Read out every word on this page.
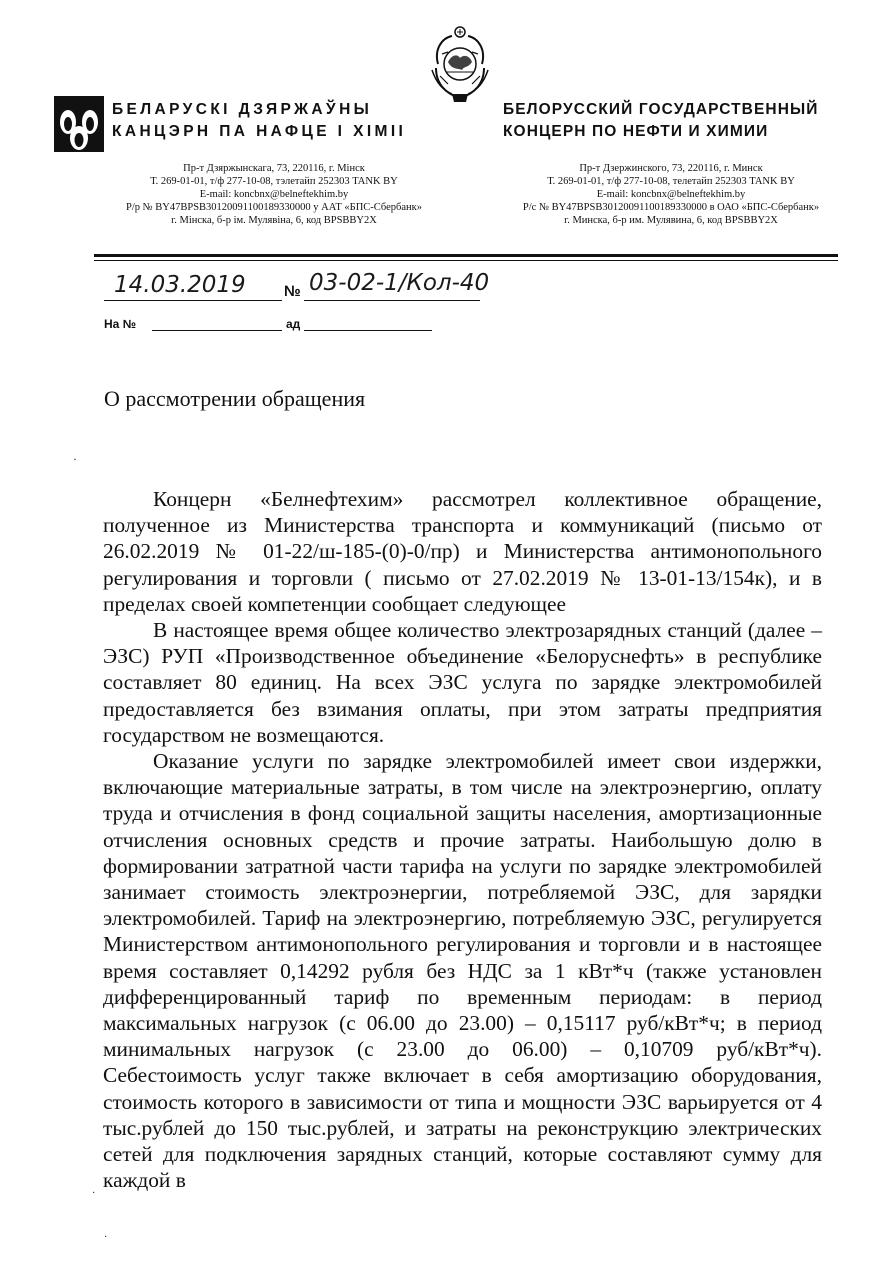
БЕЛАРУСКІ ДЗЯРЖАЎНЫ
КАНЦЭРН ПА НАФЦЕ І ХІМІІ
БЕЛОРУССКИЙ ГОСУДАРСТВЕННЫЙ
КОНЦЕРН ПО НЕФТИ И ХИМИИ
Пр-т Дзяржынскага, 73, 220116, г. Мінск
Т. 269-01-01, т/ф 277-10-08, тэлетайп 252303 TANK BY
E-mail: koncbnx@belneftekhim.by
Р/р № BY47BPSB30120091100189330000 у ААТ «БПС-Сбербанк»
г. Мінска, б-р ім. Мулявіна, 6, код BPSBBY2X
Пр-т Дзержинского, 73, 220116, г. Минск
Т. 269-01-01, т/ф 277-10-08, телетайп 252303 TANK BY
E-mail: koncbnx@belneftekhim.by
Р/с № BY47BPSB30120091100189330000 в ОАО «БПС-Сбербанк»
г. Минска, б-р им. Мулявина, 6, код BPSBBY2X
14.03.2019	№ 03-02-1/Кол-40
На №	ад
О рассмотрении обращения
·

Концерн «Белнефтехим» рассмотрел коллективное обращение, полученное из Министерства транспорта и коммуникаций (письмо от 26.02.2019 № 01-22/ш-185-(0)-0/пр) и Министерства антимонопольного регулирования и торговли ( письмо от 27.02.2019 № 13-01-13/154к), и в пределах своей компетенции сообщает следующее

В настоящее время общее количество электрозарядных станций (далее – ЭЗС) РУП «Производственное объединение «Белоруснефть» в республике составляет 80 единиц. На всех ЭЗС услуга по зарядке электромобилей предоставляется без взимания оплаты, при этом затраты предприятия государством не возмещаются.

Оказание услуги по зарядке электромобилей имеет свои издержки, включающие материальные затраты, в том числе на электроэнергию, оплату труда и отчисления в фонд социальной защиты населения, амортизационные отчисления основных средств и прочие затраты. Наибольшую долю в формировании затратной части тарифа на услуги по зарядке электромобилей занимает стоимость электроэнергии, потребляемой ЭЗС, для зарядки электромобилей. Тариф на электроэнергию, потребляемую ЭЗС, регулируется Министерством антимонопольного регулирования и торговли и в настоящее время составляет 0,14292 рубля без НДС за 1 кВт*ч (также установлен дифференцированный тариф по временным периодам: в период максимальных нагрузок (с 06.00 до 23.00) – 0,15117 руб/кВт*ч; в период минимальных нагрузок (с 23.00 до 06.00) – 0,10709 руб/кВт*ч). Себестоимость услуг также включает в себя амортизацию оборудования, стоимость которого в зависимости от типа и мощности ЭЗС варьируется от 4 тыс.рублей до 150 тыс.рублей, и затраты на реконструкцию электрических сетей для подключения зарядных станций, которые составляют сумму для каждой в

·
·
